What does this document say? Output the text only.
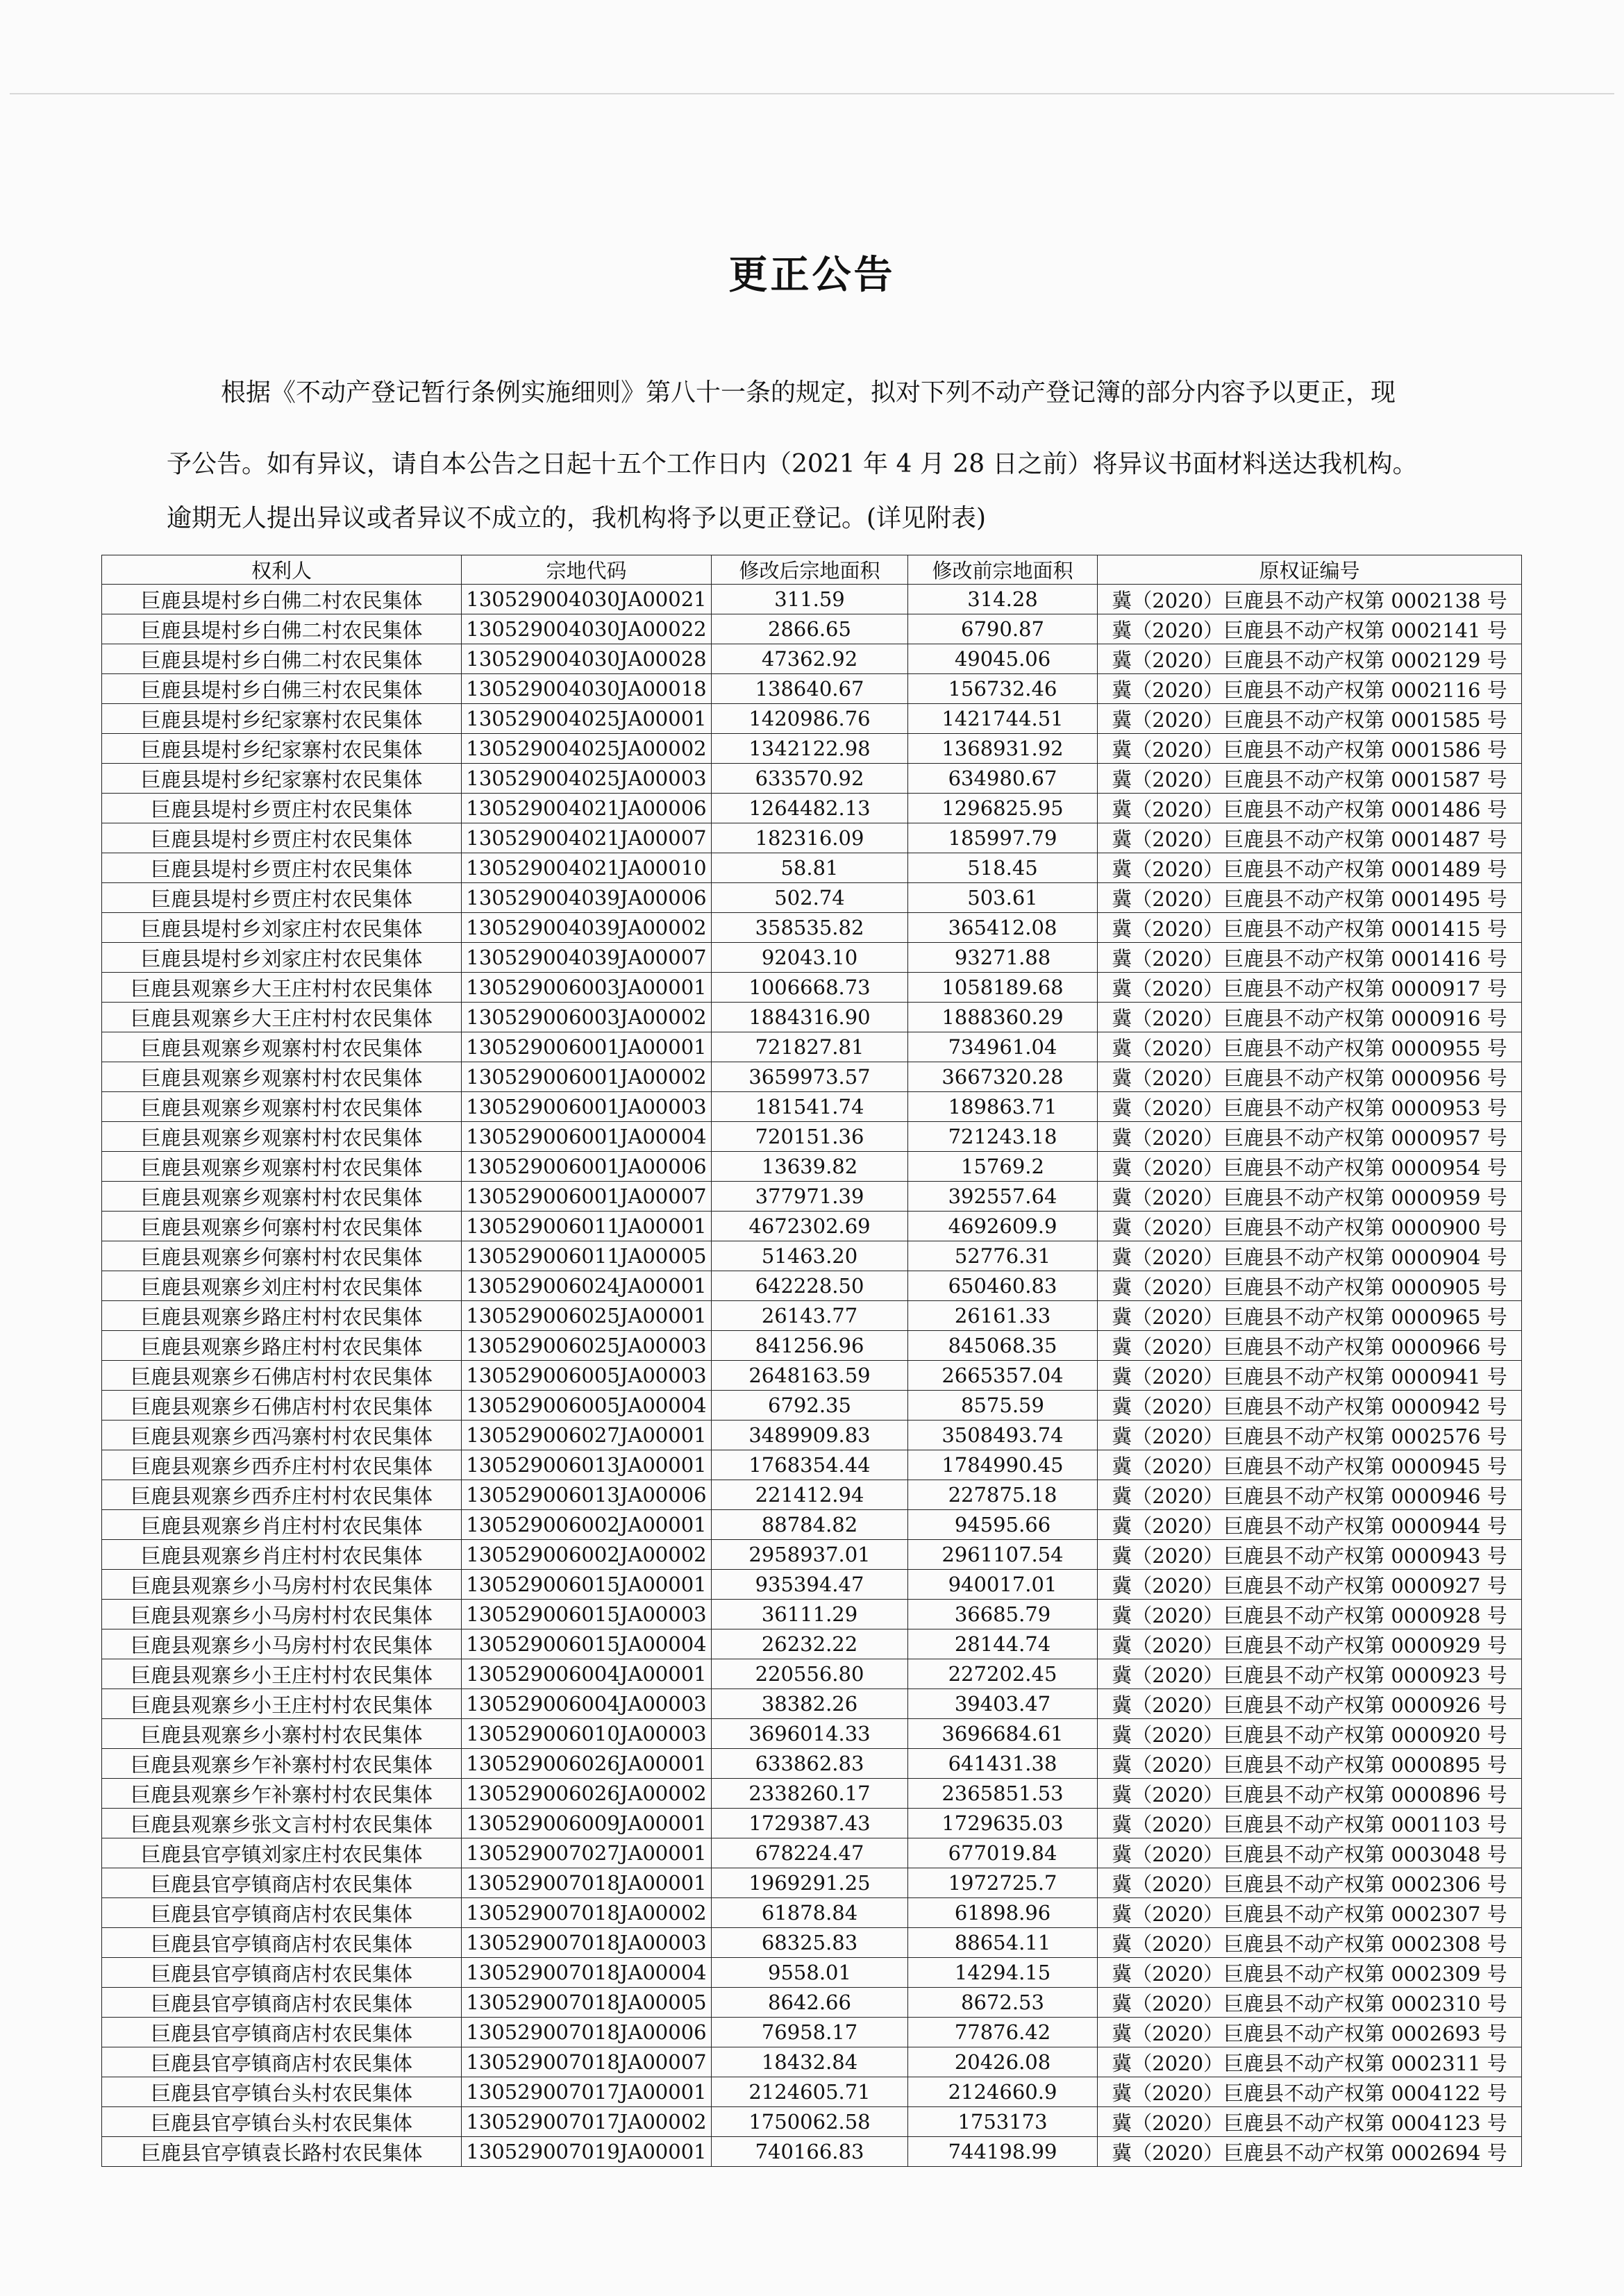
更正公告
根据《不动产登记暂行条例实施细则》第八十一条的规定，拟对下列不动产登记簿的部分内容予以更正，现
予公告。如有异议，请自本公告之日起十五个工作日内（2021 年 4 月 28 日之前）将异议书面材料送达我机构。
逾期无人提出异议或者异议不成立的，我机构将予以更正登记。(详见附表)
权利人	宗地代码	修改后宗地面积	修改前宗地面积	原权证编号
巨鹿县堤村乡白佛二村农民集体	130529004030JA00021	311.59	314.28	冀（2020）巨鹿县不动产权第 0002138 号
巨鹿县堤村乡白佛二村农民集体	130529004030JA00022	2866.65	6790.87	冀（2020）巨鹿县不动产权第 0002141 号
巨鹿县堤村乡白佛二村农民集体	130529004030JA00028	47362.92	49045.06	冀（2020）巨鹿县不动产权第 0002129 号
巨鹿县堤村乡白佛三村农民集体	130529004030JA00018	138640.67	156732.46	冀（2020）巨鹿县不动产权第 0002116 号
巨鹿县堤村乡纪家寨村农民集体	130529004025JA00001	1420986.76	1421744.51	冀（2020）巨鹿县不动产权第 0001585 号
巨鹿县堤村乡纪家寨村农民集体	130529004025JA00002	1342122.98	1368931.92	冀（2020）巨鹿县不动产权第 0001586 号
巨鹿县堤村乡纪家寨村农民集体	130529004025JA00003	633570.92	634980.67	冀（2020）巨鹿县不动产权第 0001587 号
巨鹿县堤村乡贾庄村农民集体	130529004021JA00006	1264482.13	1296825.95	冀（2020）巨鹿县不动产权第 0001486 号
巨鹿县堤村乡贾庄村农民集体	130529004021JA00007	182316.09	185997.79	冀（2020）巨鹿县不动产权第 0001487 号
巨鹿县堤村乡贾庄村农民集体	130529004021JA00010	58.81	518.45	冀（2020）巨鹿县不动产权第 0001489 号
巨鹿县堤村乡贾庄村农民集体	130529004039JA00006	502.74	503.61	冀（2020）巨鹿县不动产权第 0001495 号
巨鹿县堤村乡刘家庄村农民集体	130529004039JA00002	358535.82	365412.08	冀（2020）巨鹿县不动产权第 0001415 号
巨鹿县堤村乡刘家庄村农民集体	130529004039JA00007	92043.10	93271.88	冀（2020）巨鹿县不动产权第 0001416 号
巨鹿县观寨乡大王庄村村农民集体	130529006003JA00001	1006668.73	1058189.68	冀（2020）巨鹿县不动产权第 0000917 号
巨鹿县观寨乡大王庄村村农民集体	130529006003JA00002	1884316.90	1888360.29	冀（2020）巨鹿县不动产权第 0000916 号
巨鹿县观寨乡观寨村村农民集体	130529006001JA00001	721827.81	734961.04	冀（2020）巨鹿县不动产权第 0000955 号
巨鹿县观寨乡观寨村村农民集体	130529006001JA00002	3659973.57	3667320.28	冀（2020）巨鹿县不动产权第 0000956 号
巨鹿县观寨乡观寨村村农民集体	130529006001JA00003	181541.74	189863.71	冀（2020）巨鹿县不动产权第 0000953 号
巨鹿县观寨乡观寨村村农民集体	130529006001JA00004	720151.36	721243.18	冀（2020）巨鹿县不动产权第 0000957 号
巨鹿县观寨乡观寨村村农民集体	130529006001JA00006	13639.82	15769.2	冀（2020）巨鹿县不动产权第 0000954 号
巨鹿县观寨乡观寨村村农民集体	130529006001JA00007	377971.39	392557.64	冀（2020）巨鹿县不动产权第 0000959 号
巨鹿县观寨乡何寨村村农民集体	130529006011JA00001	4672302.69	4692609.9	冀（2020）巨鹿县不动产权第 0000900 号
巨鹿县观寨乡何寨村村农民集体	130529006011JA00005	51463.20	52776.31	冀（2020）巨鹿县不动产权第 0000904 号
巨鹿县观寨乡刘庄村村农民集体	130529006024JA00001	642228.50	650460.83	冀（2020）巨鹿县不动产权第 0000905 号
巨鹿县观寨乡路庄村村农民集体	130529006025JA00001	26143.77	26161.33	冀（2020）巨鹿县不动产权第 0000965 号
巨鹿县观寨乡路庄村村农民集体	130529006025JA00003	841256.96	845068.35	冀（2020）巨鹿县不动产权第 0000966 号
巨鹿县观寨乡石佛店村村农民集体	130529006005JA00003	2648163.59	2665357.04	冀（2020）巨鹿县不动产权第 0000941 号
巨鹿县观寨乡石佛店村村农民集体	130529006005JA00004	6792.35	8575.59	冀（2020）巨鹿县不动产权第 0000942 号
巨鹿县观寨乡西冯寨村村农民集体	130529006027JA00001	3489909.83	3508493.74	冀（2020）巨鹿县不动产权第 0002576 号
巨鹿县观寨乡西乔庄村村农民集体	130529006013JA00001	1768354.44	1784990.45	冀（2020）巨鹿县不动产权第 0000945 号
巨鹿县观寨乡西乔庄村村农民集体	130529006013JA00006	221412.94	227875.18	冀（2020）巨鹿县不动产权第 0000946 号
巨鹿县观寨乡肖庄村村农民集体	130529006002JA00001	88784.82	94595.66	冀（2020）巨鹿县不动产权第 0000944 号
巨鹿县观寨乡肖庄村村农民集体	130529006002JA00002	2958937.01	2961107.54	冀（2020）巨鹿县不动产权第 0000943 号
巨鹿县观寨乡小马房村村农民集体	130529006015JA00001	935394.47	940017.01	冀（2020）巨鹿县不动产权第 0000927 号
巨鹿县观寨乡小马房村村农民集体	130529006015JA00003	36111.29	36685.79	冀（2020）巨鹿县不动产权第 0000928 号
巨鹿县观寨乡小马房村村农民集体	130529006015JA00004	26232.22	28144.74	冀（2020）巨鹿县不动产权第 0000929 号
巨鹿县观寨乡小王庄村村农民集体	130529006004JA00001	220556.80	227202.45	冀（2020）巨鹿县不动产权第 0000923 号
巨鹿县观寨乡小王庄村村农民集体	130529006004JA00003	38382.26	39403.47	冀（2020）巨鹿县不动产权第 0000926 号
巨鹿县观寨乡小寨村村农民集体	130529006010JA00003	3696014.33	3696684.61	冀（2020）巨鹿县不动产权第 0000920 号
巨鹿县观寨乡乍补寨村村农民集体	130529006026JA00001	633862.83	641431.38	冀（2020）巨鹿县不动产权第 0000895 号
巨鹿县观寨乡乍补寨村村农民集体	130529006026JA00002	2338260.17	2365851.53	冀（2020）巨鹿县不动产权第 0000896 号
巨鹿县观寨乡张文言村村农民集体	130529006009JA00001	1729387.43	1729635.03	冀（2020）巨鹿县不动产权第 0001103 号
巨鹿县官亭镇刘家庄村农民集体	130529007027JA00001	678224.47	677019.84	冀（2020）巨鹿县不动产权第 0003048 号
巨鹿县官亭镇商店村农民集体	130529007018JA00001	1969291.25	1972725.7	冀（2020）巨鹿县不动产权第 0002306 号
巨鹿县官亭镇商店村农民集体	130529007018JA00002	61878.84	61898.96	冀（2020）巨鹿县不动产权第 0002307 号
巨鹿县官亭镇商店村农民集体	130529007018JA00003	68325.83	88654.11	冀（2020）巨鹿县不动产权第 0002308 号
巨鹿县官亭镇商店村农民集体	130529007018JA00004	9558.01	14294.15	冀（2020）巨鹿县不动产权第 0002309 号
巨鹿县官亭镇商店村农民集体	130529007018JA00005	8642.66	8672.53	冀（2020）巨鹿县不动产权第 0002310 号
巨鹿县官亭镇商店村农民集体	130529007018JA00006	76958.17	77876.42	冀（2020）巨鹿县不动产权第 0002693 号
巨鹿县官亭镇商店村农民集体	130529007018JA00007	18432.84	20426.08	冀（2020）巨鹿县不动产权第 0002311 号
巨鹿县官亭镇台头村农民集体	130529007017JA00001	2124605.71	2124660.9	冀（2020）巨鹿县不动产权第 0004122 号
巨鹿县官亭镇台头村农民集体	130529007017JA00002	1750062.58	1753173	冀（2020）巨鹿县不动产权第 0004123 号
巨鹿县官亭镇袁长路村农民集体	130529007019JA00001	740166.83	744198.99	冀（2020）巨鹿县不动产权第 0002694 号
